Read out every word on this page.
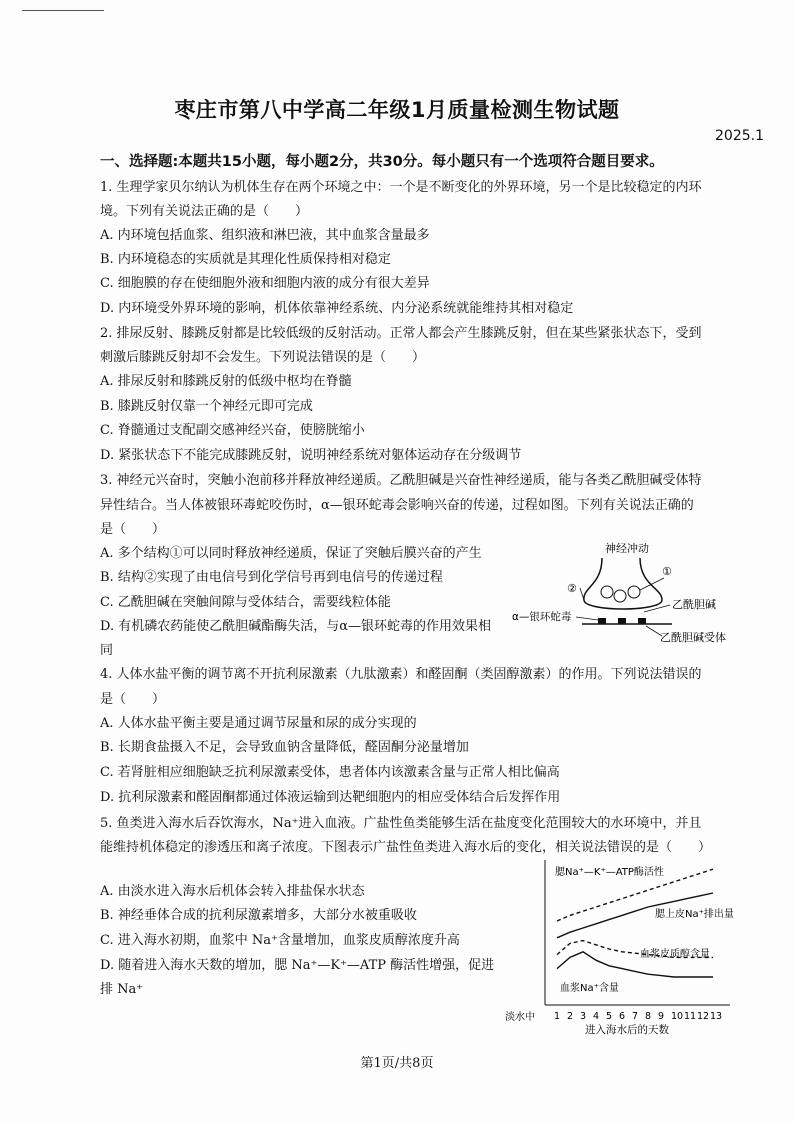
枣庄市第八中学高二年级1月质量检测生物试题
2025.1
一、选择题:本题共15小题，每小题2分，共30分。每小题只有一个选项符合题目要求。
1. 生理学家贝尔纳认为机体生存在两个环境之中：一个是不断变化的外界环境，另一个是比较稳定的内环
境。下列有关说法正确的是（　　）
A. 内环境包括血浆、组织液和淋巴液，其中血浆含量最多
B. 内环境稳态的实质就是其理化性质保持相对稳定
C. 细胞膜的存在使细胞外液和细胞内液的成分有很大差异
D. 内环境受外界环境的影响，机体依靠神经系统、内分泌系统就能维持其相对稳定
2. 排尿反射、膝跳反射都是比较低级的反射活动。正常人都会产生膝跳反射，但在某些紧张状态下，受到
刺激后膝跳反射却不会发生。下列说法错误的是（　　）
A. 排尿反射和膝跳反射的低级中枢均在脊髓
B. 膝跳反射仅靠一个神经元即可完成
C. 脊髓通过支配副交感神经兴奋，使膀胱缩小
D. 紧张状态下不能完成膝跳反射，说明神经系统对躯体运动存在分级调节
3. 神经元兴奋时，突触小泡前移并释放神经递质。乙酰胆碱是兴奋性神经递质，能与各类乙酰胆碱受体特
异性结合。当人体被银环毒蛇咬伤时，α—银环蛇毒会影响兴奋的传递，过程如图。下列有关说法正确的
是（　　）
A. 多个结构①可以同时释放神经递质，保证了突触后膜兴奋的产生
B. 结构②实现了由电信号到化学信号再到电信号的传递过程
C. 乙酰胆碱在突触间隙与受体结合，需要线粒体能
D. 有机磷农药能使乙酰胆碱酯酶失活，与α—银环蛇毒的作用效果相
同
4. 人体水盐平衡的调节离不开抗利尿激素（九肽激素）和醛固酮（类固醇激素）的作用。下列说法错误的
是（　　）
A. 人体水盐平衡主要是通过调节尿量和尿的成分实现的
B. 长期食盐摄入不足，会导致血钠含量降低，醛固酮分泌量增加
C. 若肾脏相应细胞缺乏抗利尿激素受体，患者体内该激素含量与正常人相比偏高
D. 抗利尿激素和醛固酮都通过体液运输到达靶细胞内的相应受体结合后发挥作用
5. 鱼类进入海水后吞饮海水，Na⁺进入血液。广盐性鱼类能够生活在盐度变化范围较大的水环境中，并且
能维持机体稳定的渗透压和离子浓度。下图表示广盐性鱼类进入海水后的变化，相关说法错误的是（　　）
A. 由淡水进入海水后机体会转入排盐保水状态
B. 神经垂体合成的抗利尿激素增多，大部分水被重吸收
C. 进入海水初期，血浆中 Na⁺含量增加，血浆皮质醇浓度升高
D. 随着进入海水天数的增加，腮 Na⁺—K⁺—ATP 酶活性增强，促进
排 Na⁺
神经冲动
①
②
乙酰胆碱
α—银环蛇毒
乙酰胆碱受体
淡水中 1 2 3 4 5 6 7 8 9 10 11 12 13
进入海水后的天数
腮Na⁺—K⁺—ATP酶活性
腮上皮Na⁺排出量
血浆皮质醇含量
血浆Na⁺含量
第1页/共8页
